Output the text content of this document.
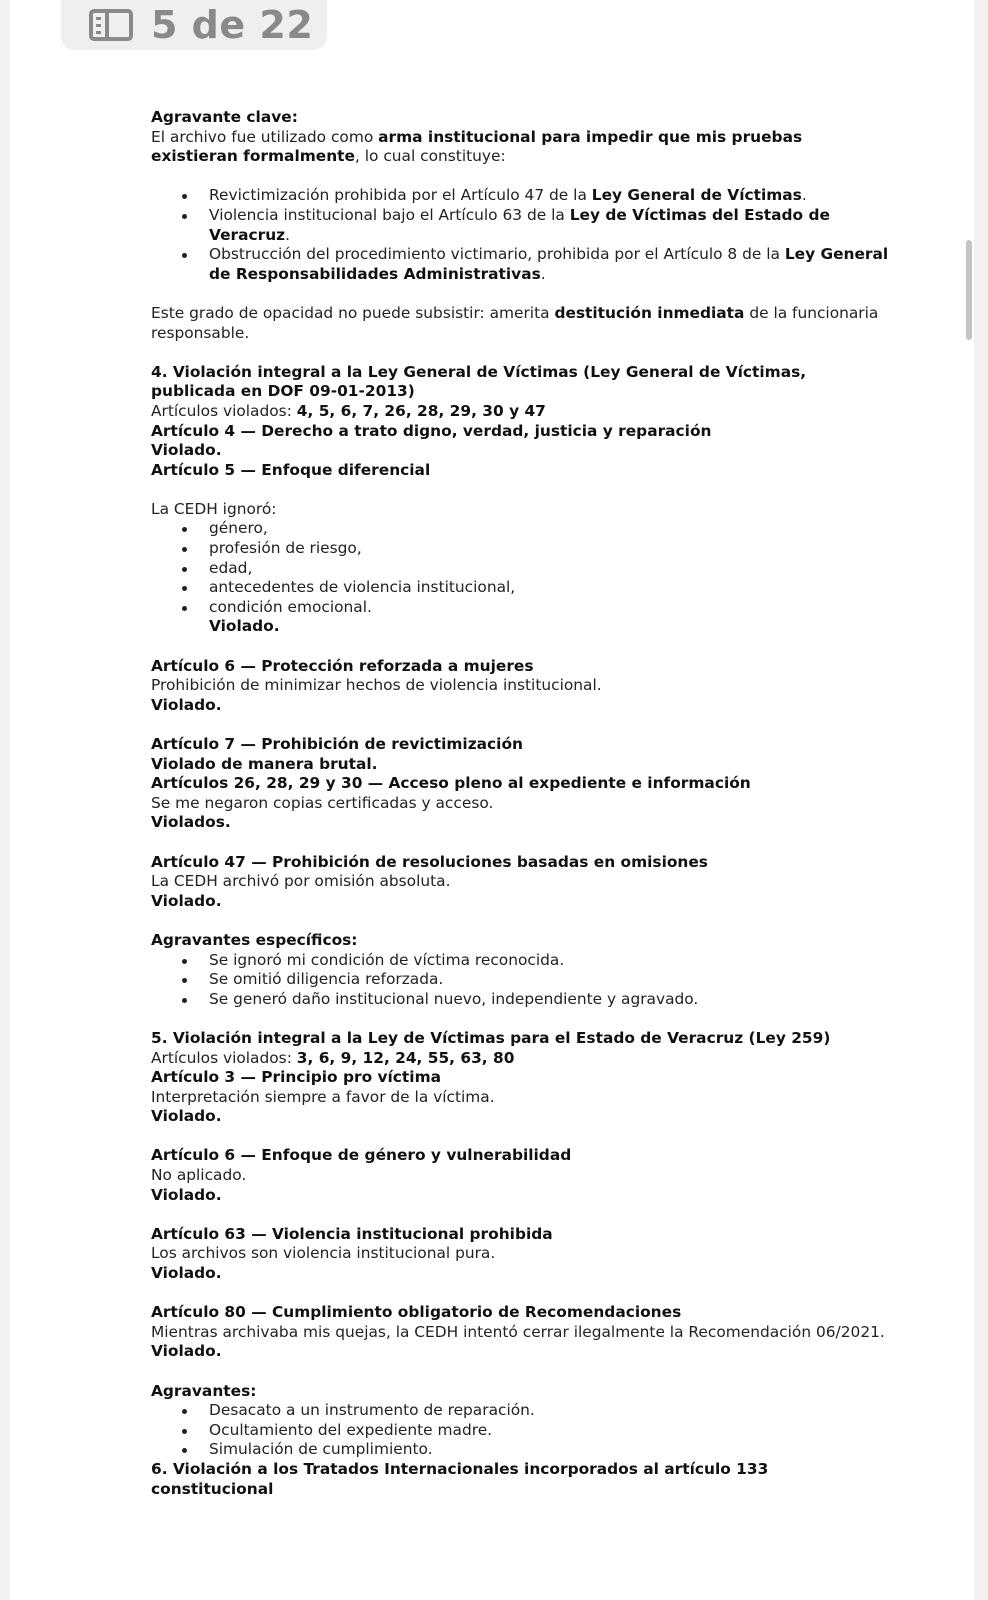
5 de 22

Agravante clave:

El archivo fue utilizado como arma institucional para impedir que mis pruebas existieran formalmente, lo cual constituye:

Revictimización prohibida por el Artículo 47 de la Ley General de Víctimas.
Violencia institucional bajo el Artículo 63 de la Ley de Víctimas del Estado de Veracruz.
Obstrucción del procedimiento victimario, prohibida por el Artículo 8 de la Ley General de Responsabilidades Administrativas.

Este grado de opacidad no puede subsistir: amerita destitución inmediata de la funcionaria responsable.

4. Violación integral a la Ley General de Víctimas (Ley General de Víctimas, publicada en DOF 09-01-2013)

Artículos violados: 4, 5, 6, 7, 26, 28, 29, 30 y 47

Artículo 4 — Derecho a trato digno, verdad, justicia y reparación

Violado.

Artículo 5 — Enfoque diferencial

La CEDH ignoró:

género,
profesión de riesgo,
edad,
antecedentes de violencia institucional,
condición emocional.

Violado.

Artículo 6 — Protección reforzada a mujeres

Prohibición de minimizar hechos de violencia institucional.

Violado.

Artículo 7 — Prohibición de revictimización

Violado de manera brutal.

Artículos 26, 28, 29 y 30 — Acceso pleno al expediente e información

Se me negaron copias certificadas y acceso.

Violados.

Artículo 47 — Prohibición de resoluciones basadas en omisiones

La CEDH archivó por omisión absoluta.

Violado.

Agravantes específicos:

Se ignoró mi condición de víctima reconocida.
Se omitió diligencia reforzada.
Se generó daño institucional nuevo, independiente y agravado.

5. Violación integral a la Ley de Víctimas para el Estado de Veracruz (Ley 259)

Artículos violados: 3, 6, 9, 12, 24, 55, 63, 80

Artículo 3 — Principio pro víctima

Interpretación siempre a favor de la víctima.

Violado.

Artículo 6 — Enfoque de género y vulnerabilidad

No aplicado.

Violado.

Artículo 63 — Violencia institucional prohibida

Los archivos son violencia institucional pura.

Violado.

Artículo 80 — Cumplimiento obligatorio de Recomendaciones

Mientras archivaba mis quejas, la CEDH intentó cerrar ilegalmente la Recomendación 06/2021.

Violado.

Agravantes:

Desacato a un instrumento de reparación.
Ocultamiento del expediente madre.
Simulación de cumplimiento.

6. Violación a los Tratados Internacionales incorporados al artículo 133 constitucional
